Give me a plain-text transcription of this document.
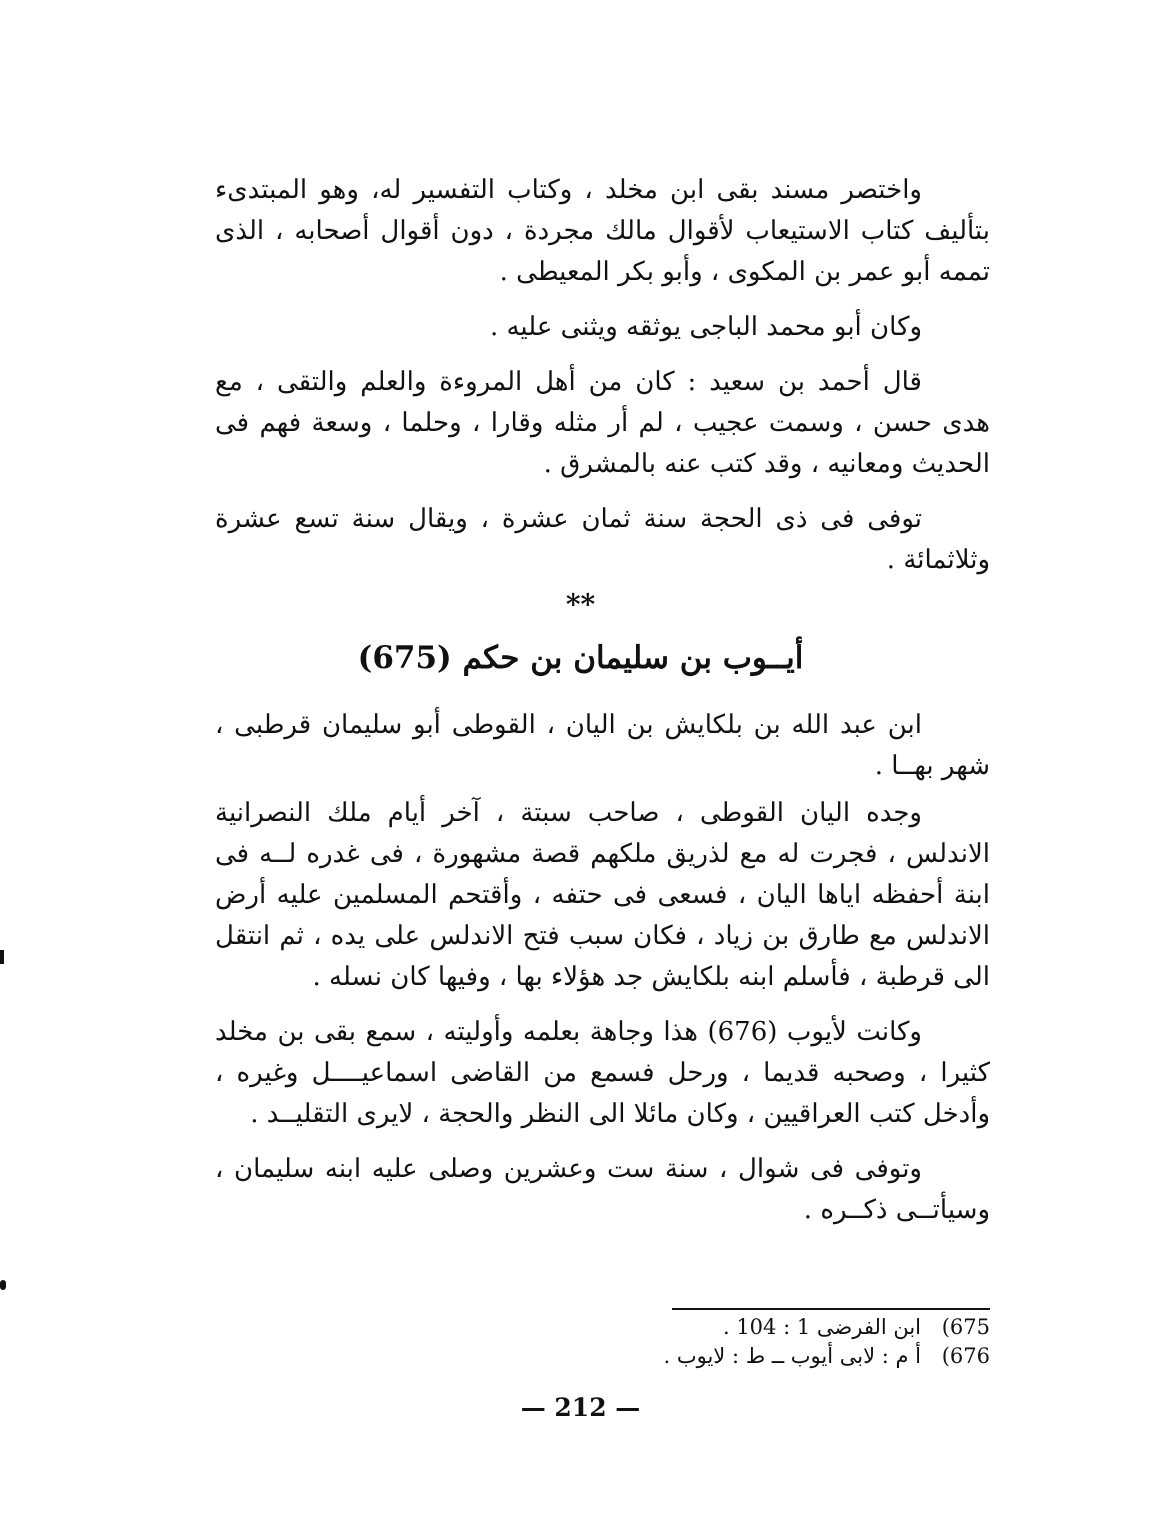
واختصر مسند بقى ابن مخلد ، وكتاب التفسير له، وهو المبتدىء بتأليف كتاب الاستيعاب لأقوال مالك مجردة ، دون أقوال أصحابه ، الذى تممه أبو عمر بن المكوى ، وأبو بكر المعيطى .

وكان أبو محمد الباجى يوثقه ويثنى عليه .

قال أحمد بن سعيد : كان من أهل المروءة والعلم والتقى ، مع هدى حسن ، وسمت عجيب ، لم أر مثله وقارا ، وحلما ، وسعة فهم فى الحديث ومعانيه ، وقد كتب عنه بالمشرق .

توفى فى ذى الحجة سنة ثمان عشرة ، ويقال سنة تسع عشرة وثلاثمائة .

**
أيــوب بن سليمان بن حكم (675)

ابن عبد الله بن بلكايش بن اليان ، القوطى أبو سليمان قرطبى ، شهر بهــا .

وجده اليان القوطى ، صاحب سبتة ، آخر أيام ملك النصرانية الاندلس ، فجرت له مع لذريق ملكهم قصة مشهورة ، فى غدره لــه فى ابنة أحفظه اياها اليان ، فسعى فى حتفه ، وأقتحم المسلمين عليه أرض الاندلس مع طارق بن زياد ، فكان سبب فتح الاندلس على يده ، ثم انتقل الى قرطبة ، فأسلم ابنه بلكايش جد هؤلاء بها ، وفيها كان نسله .

وكانت لأيوب (676) هذا وجاهة بعلمه وأوليته ، سمع بقى بن مخلد كثيرا ، وصحبه قديما ، ورحل فسمع من القاضى اسماعيــــل وغيره ، وأدخل كتب العراقيين ، وكان مائلا الى النظر والحجة ، لايرى التقليــد .

وتوفى فى شوال ، سنة ست وعشرين وصلى عليه ابنه سليمان ، وسيأتــى ذكــره .

675) ابن الفرضى 1 : 104 .
676) أ م : لابى أيوب ــ ط : لايوب .
— 212 —
